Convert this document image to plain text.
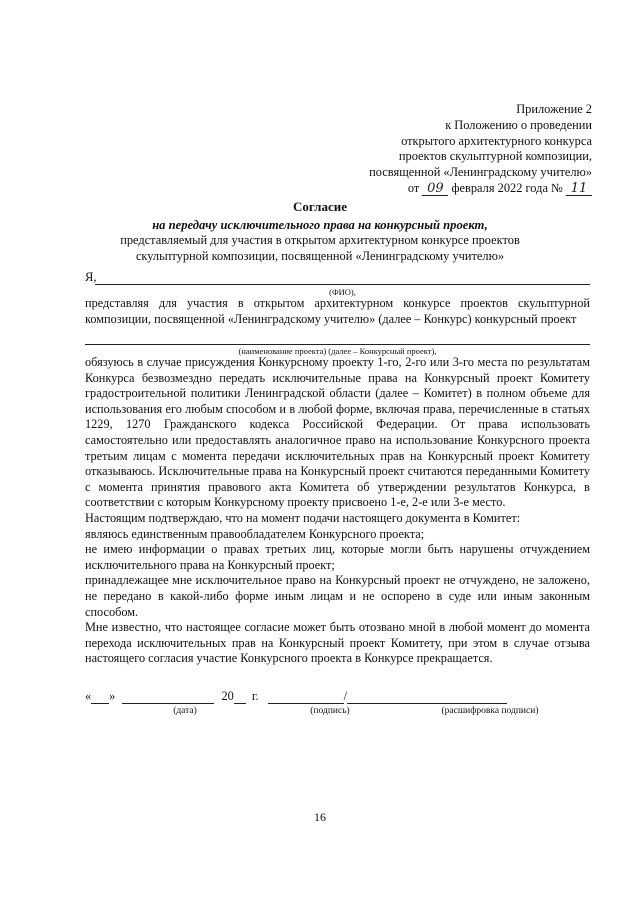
Приложение 2
к Положению о проведении
открытого архитектурного конкурса
проектов скульптурной композиции,
посвященной «Ленинградскому учителю»
от 09 февраля 2022 года № 11
Согласие
на передачу исключительного права на конкурсный проект,
представляемый для участия в открытом архитектурном конкурсе проектов
скульптурной композиции, посвященной «Ленинградскому учителю»
Я,
(ФИО),

представляя для участия в открытом архитектурном конкурсе проектов скульптурной композиции, посвященной «Ленинградскому учителю» (далее – Конкурс) конкурсный проект

(наименование проекта) (далее – Конкурсный проект),

обязуюсь в случае присуждения Конкурсному проекту 1-го, 2-го или 3-го места по результатам Конкурса безвозмездно передать исключительные права на Конкурсный проект Комитету градостроительной политики Ленинградской области (далее – Комитет) в полном объеме для использования его любым способом и в любой форме, включая права, перечисленные в статьях 1229, 1270 Гражданского кодекса Российской Федерации. От права использовать самостоятельно или предоставлять аналогичное право на использование Конкурсного проекта третьим лицам с момента передачи исключительных прав на Конкурсный проект Комитету отказываюсь. Исключительные права на Конкурсный проект считаются переданными Комитету с момента принятия правового акта Комитета об утверждении результатов Конкурса, в соответствии с которым Конкурсному проекту присвоено 1-е, 2-е или 3-е место.

Настоящим подтверждаю, что на момент подачи настоящего документа в Комитет:

являюсь единственным правообладателем Конкурсного проекта;

не имею информации о правах третьих лиц, которые могли быть нарушены отчуждением исключительного права на Конкурсный проект;

принадлежащее мне исключительное право на Конкурсный проект не отчуждено, не заложено, не передано в какой-либо форме иным лицам и не оспорено в суде или иным законным способом.

Мне известно, что настоящее согласие может быть отозвано мной в любой момент до момента перехода исключительных прав на Конкурсный проект Комитету, при этом в случае отзыва настоящего согласия участие Конкурсного проекта в Конкурсе прекращается.

« »	20 г.	/
(дата)	(подпись)	(расшифровка подписи)
16
